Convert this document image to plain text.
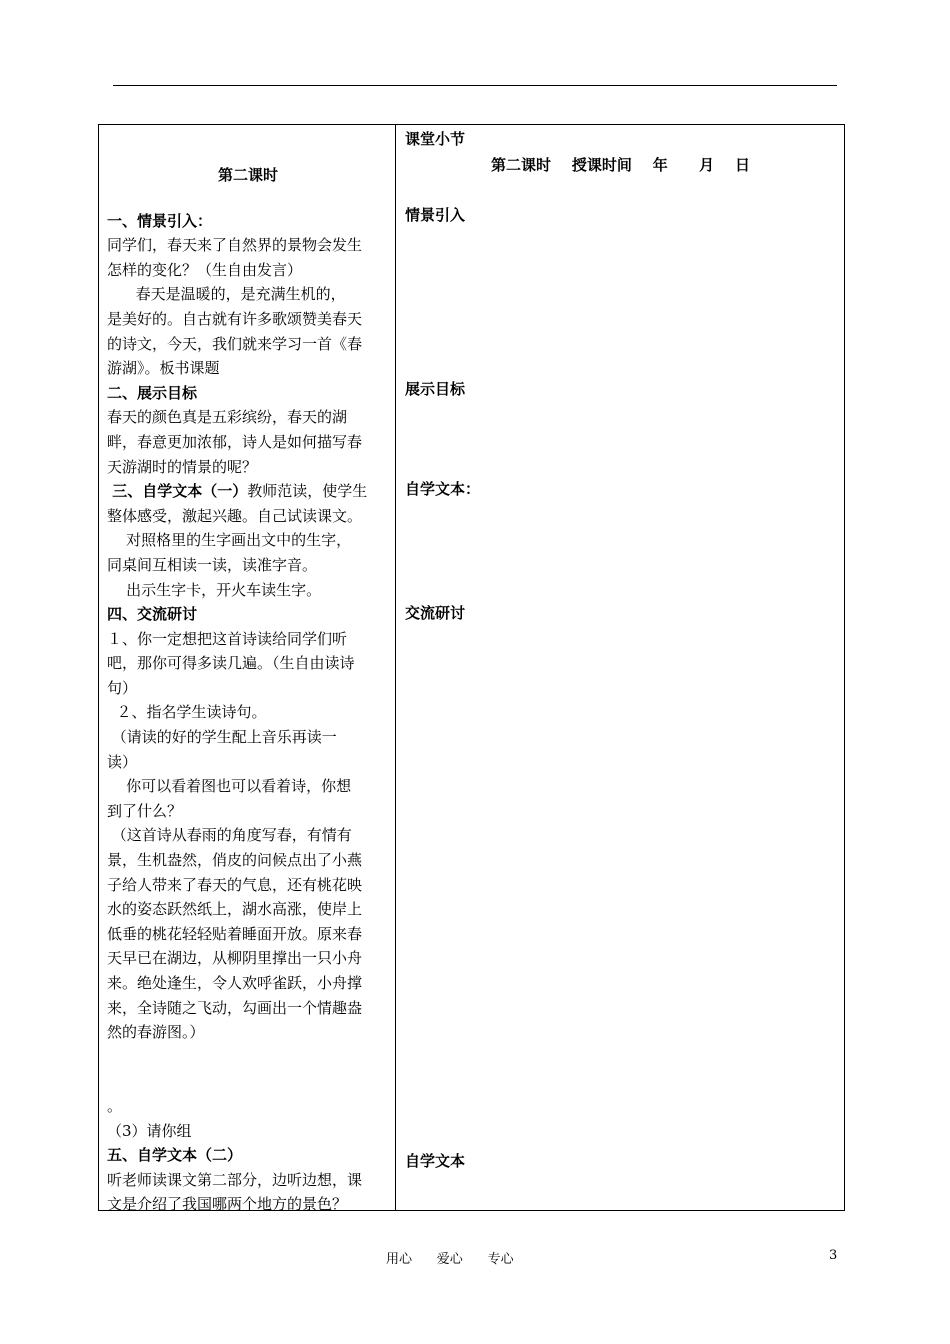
第二课时
一、情景引入：
同学们，春天来了自然界的景物会发生
怎样的变化？（生自由发言）
春天是温暖的，是充满生机的，
是美好的。自古就有许多歌颂赞美春天
的诗文，今天，我们就来学习一首《春
游湖》。板书课题
二、展示目标
春天的颜色真是五彩缤纷，春天的湖
畔，春意更加浓郁，诗人是如何描写春
天游湖时的情景的呢？
三、自学文本（一）教师范读，使学生
整体感受，激起兴趣。自己试读课文。
对照格里的生字画出文中的生字，
同桌间互相读一读，读准字音。
出示生字卡，开火车读生字。
四、交流研讨
１、你一定想把这首诗读给同学们听
吧，那你可得多读几遍。（生自由读诗
句）
２、指名学生读诗句。
（请读的好的学生配上音乐再读一
读）
你可以看着图也可以看着诗，你想
到了什么？
（这首诗从春雨的角度写春，有情有
景，生机盎然，俏皮的问候点出了小燕
子给人带来了春天的气息，还有桃花映
水的姿态跃然纸上，湖水高涨，使岸上
低垂的桃花轻轻贴着睡面开放。原来春
天早已在湖边，从柳阴里撑出一只小舟
来。绝处逢生，令人欢呼雀跃，小舟撑
来，全诗随之飞动，勾画出一个情趣盎
然的春游图。）

。
（3）请你组
五、自学文本（二）
听老师读课文第二部分，边听边想，课
文是介绍了我国哪两个地方的景色？
课堂小节
第二课时    授课时间    年      月    日
情景引入
展示目标
自学文本：
交流研讨
自学文本
用心      爱心      专心	3
